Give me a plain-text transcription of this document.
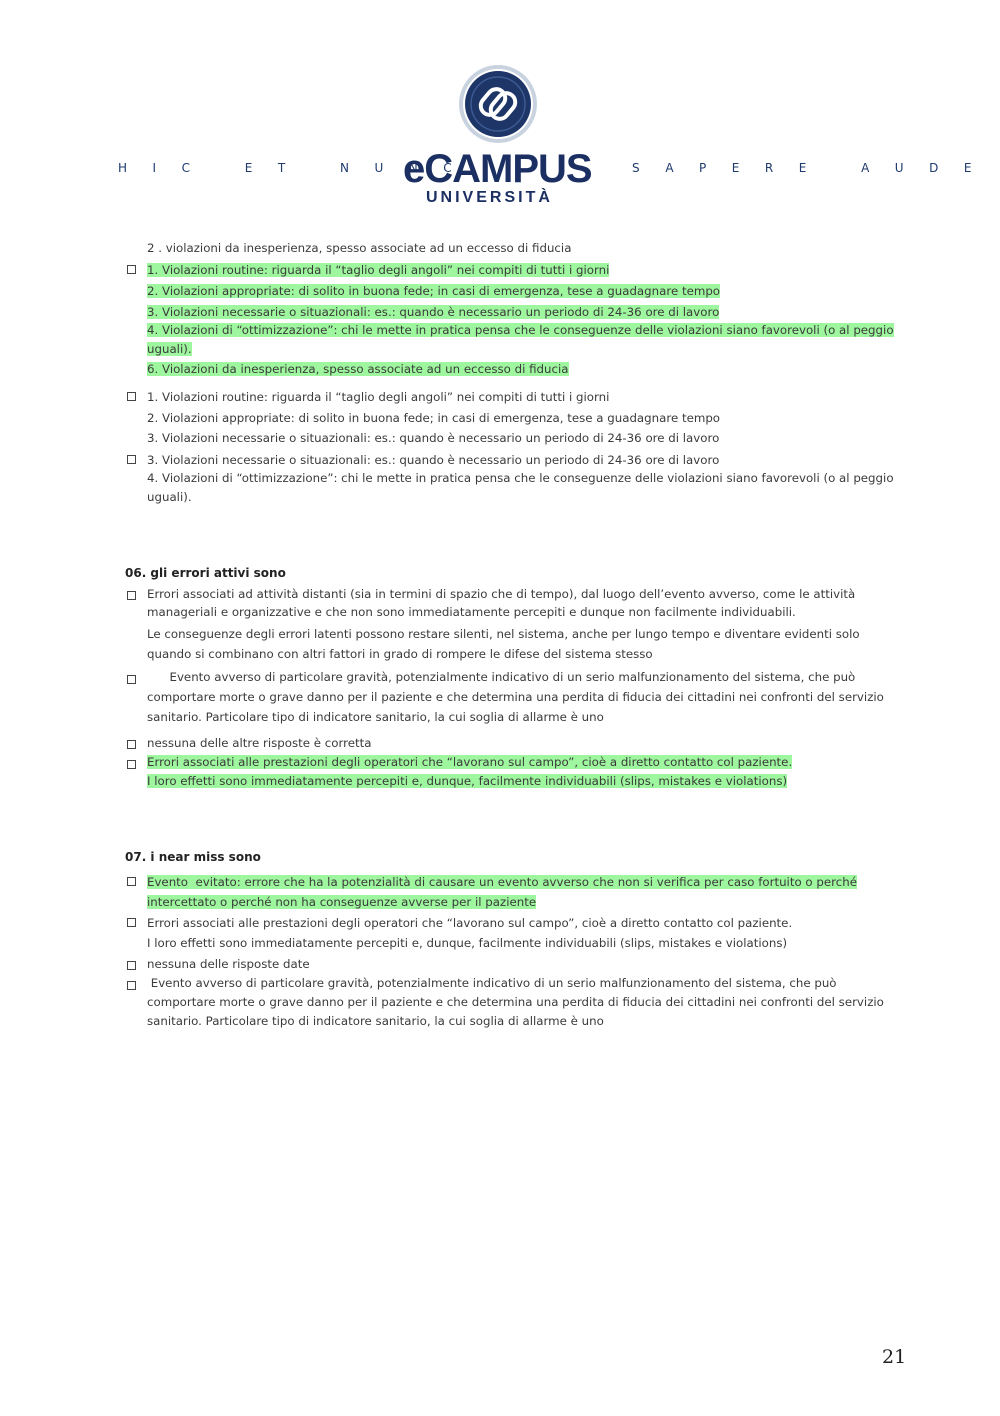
HIC ET NUNC
eCAMPUS
UNIVERSITÀ
SAPERE AUDE
2 . violazioni da inesperienza, spesso associate ad un eccesso di fiducia
1. Violazioni routine: riguarda il “taglio degli angoli” nei compiti di tutti i giorni
2. Violazioni appropriate: di solito in buona fede; in casi di emergenza, tese a guadagnare tempo
3. Violazioni necessarie o situazionali: es.: quando è necessario un periodo di 24-36 ore di lavoro
4. Violazioni di “ottimizzazione”: chi le mette in pratica pensa che le conseguenze delle violazioni siano favorevoli (o al peggio
uguali).
6. Violazioni da inesperienza, spesso associate ad un eccesso di fiducia
1. Violazioni routine: riguarda il “taglio degli angoli” nei compiti di tutti i giorni
2. Violazioni appropriate: di solito in buona fede; in casi di emergenza, tese a guadagnare tempo
3. Violazioni necessarie o situazionali: es.: quando è necessario un periodo di 24-36 ore di lavoro
3. Violazioni necessarie o situazionali: es.: quando è necessario un periodo di 24-36 ore di lavoro
4. Violazioni di “ottimizzazione”: chi le mette in pratica pensa che le conseguenze delle violazioni siano favorevoli (o al peggio
uguali).
06. gli errori attivi sono
Errori associati ad attività distanti (sia in termini di spazio che di tempo), dal luogo dell’evento avverso, come le attività
manageriali e organizzative e che non sono immediatamente percepiti e dunque non facilmente individuabili.
Le conseguenze degli errori latenti possono restare silenti, nel sistema, anche per lungo tempo e diventare evidenti solo
quando si combinano con altri fattori in grado di rompere le difese del sistema stesso
Evento avverso di particolare gravità, potenzialmente indicativo di un serio malfunzionamento del sistema, che può
comportare morte o grave danno per il paziente e che determina una perdita di fiducia dei cittadini nei confronti del servizio
sanitario. Particolare tipo di indicatore sanitario, la cui soglia di allarme è uno
nessuna delle altre risposte è corretta
Errori associati alle prestazioni degli operatori che “lavorano sul campo”, cioè a diretto contatto col paziente.
I loro effetti sono immediatamente percepiti e, dunque, facilmente individuabili (slips, mistakes e violations)
07. i near miss sono
Evento  evitato: errore che ha la potenzialità di causare un evento avverso che non si verifica per caso fortuito o perché
intercettato o perché non ha conseguenze avverse per il paziente
Errori associati alle prestazioni degli operatori che “lavorano sul campo”, cioè a diretto contatto col paziente.
I loro effetti sono immediatamente percepiti e, dunque, facilmente individuabili (slips, mistakes e violations)
nessuna delle risposte date
Evento avverso di particolare gravità, potenzialmente indicativo di un serio malfunzionamento del sistema, che può
comportare morte o grave danno per il paziente e che determina una perdita di fiducia dei cittadini nei confronti del servizio
sanitario. Particolare tipo di indicatore sanitario, la cui soglia di allarme è uno
21
